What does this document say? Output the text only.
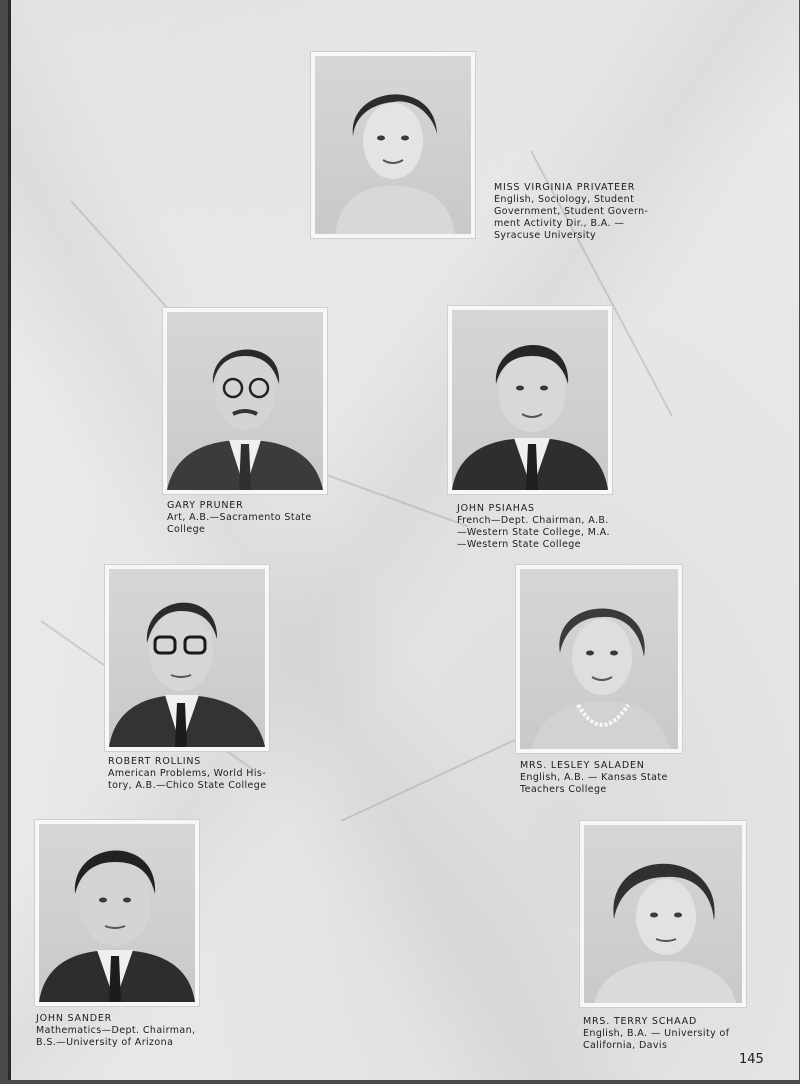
MISS VIRGINIA PRIVATEER
English, Sociology, Student
Government, Student Govern-
ment Activity Dir., B.A. —
Syracuse University
GARY PRUNER
Art, A.B.—Sacramento State
College
JOHN PSIAHAS
French—Dept. Chairman, A.B.
—Western State College, M.A.
—Western State College
ROBERT ROLLINS
American Problems, World His-
tory, A.B.—Chico State College
MRS. LESLEY SALADEN
English, A.B. — Kansas State
Teachers College
JOHN SANDER
Mathematics—Dept. Chairman,
B.S.—University of Arizona
MRS. TERRY SCHAAD
English, B.A. — University of
California, Davis
145
